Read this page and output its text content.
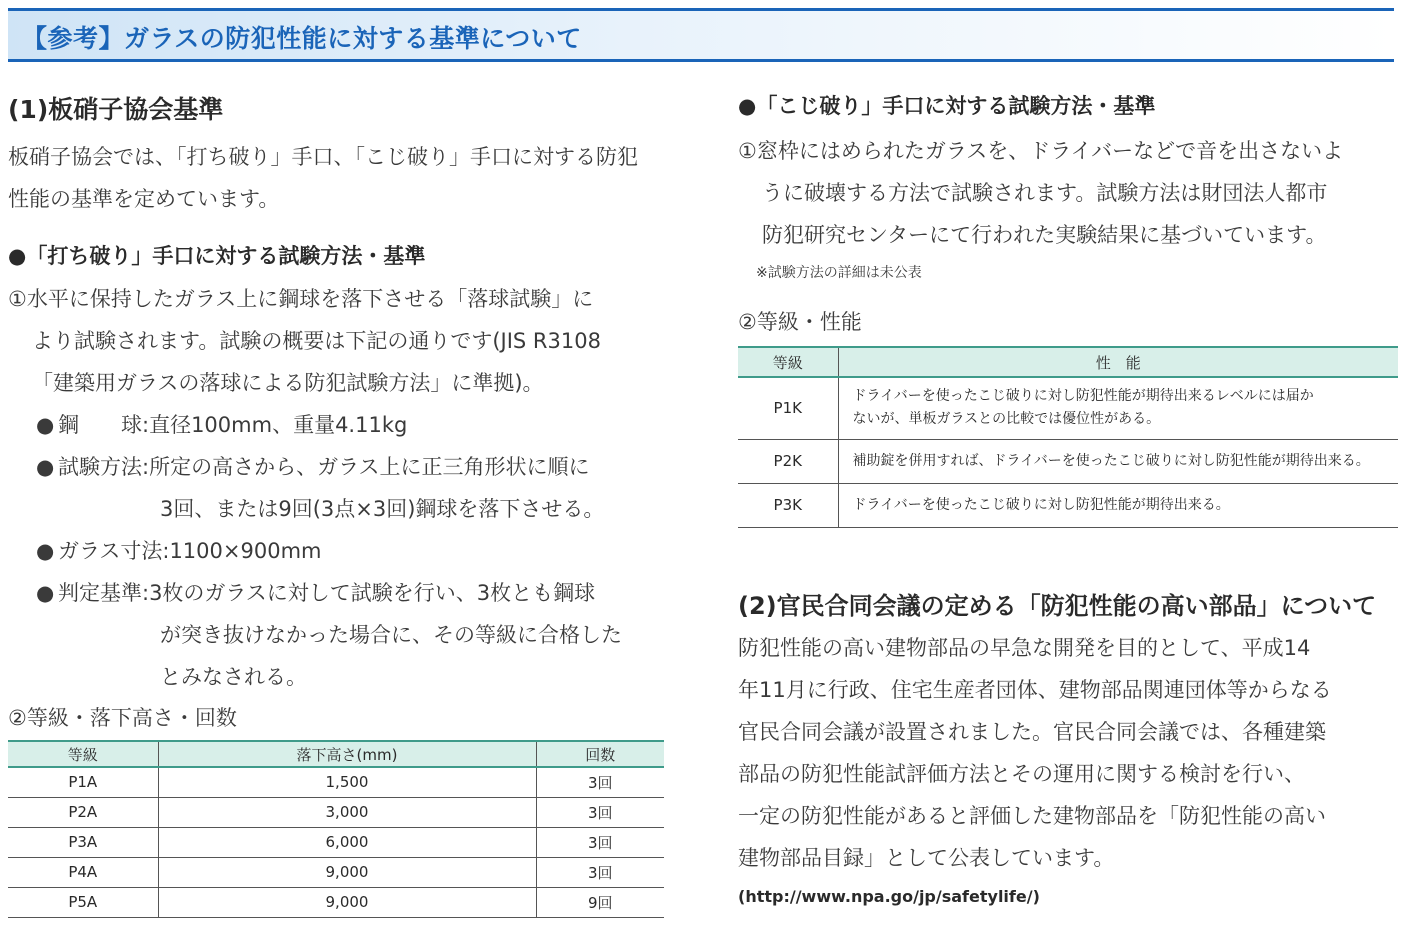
【参考】ガラスの防犯性能に対する基準について
(1)板硝子協会基準
板硝子協会では、「打ち破り」手口、「こじ破り」手口に対する防犯
性能の基準を定めています。
●「打ち破り」手口に対する試験方法・基準
①水平に保持したガラス上に鋼球を落下させる「落球試験」に
より試験されます。試験の概要は下記の通りです(JIS R3108
「建築用ガラスの落球による防犯試験方法」に準拠)。
● 鋼　　球:直径100mm、重量4.11kg
● 試験方法:所定の高さから、ガラス上に正三角形状に順に
3回、または9回(3点×3回)鋼球を落下させる。
● ガラス寸法:1100×900mm
● 判定基準:3枚のガラスに対して試験を行い、3枚とも鋼球
が突き抜けなかった場合に、その等級に合格した
とみなされる。
②等級・落下高さ・回数
等級	落下高さ(mm)	回数
P1A	1,500	3回
P2A	3,000	3回
P3A	6,000	3回
P4A	9,000	3回
P5A	9,000	9回
●「こじ破り」手口に対する試験方法・基準
①窓枠にはめられたガラスを、ドライバーなどで音を出さないよ
うに破壊する方法で試験されます。試験方法は財団法人都市
防犯研究センターにて行われた実験結果に基づいています。
※試験方法の詳細は未公表
②等級・性能
等級	性　能
P1K	ドライバーを使ったこじ破りに対し防犯性能が期待出来るレベルには届か
ないが、単板ガラスとの比較では優位性がある。

P2K	補助錠を併用すれば、ドライバーを使ったこじ破りに対し防犯性能が期待出来る。
P3K	ドライバーを使ったこじ破りに対し防犯性能が期待出来る。
(2)官民合同会議の定める「防犯性能の高い部品」について
防犯性能の高い建物部品の早急な開発を目的として、平成14
年11月に行政、住宅生産者団体、建物部品関連団体等からなる
官民合同会議が設置されました。官民合同会議では、各種建築
部品の防犯性能試評価方法とその運用に関する検討を行い、
一定の防犯性能があると評価した建物部品を「防犯性能の高い
建物部品目録」として公表しています。
(http://www.npa.go/jp/safetylife/)
